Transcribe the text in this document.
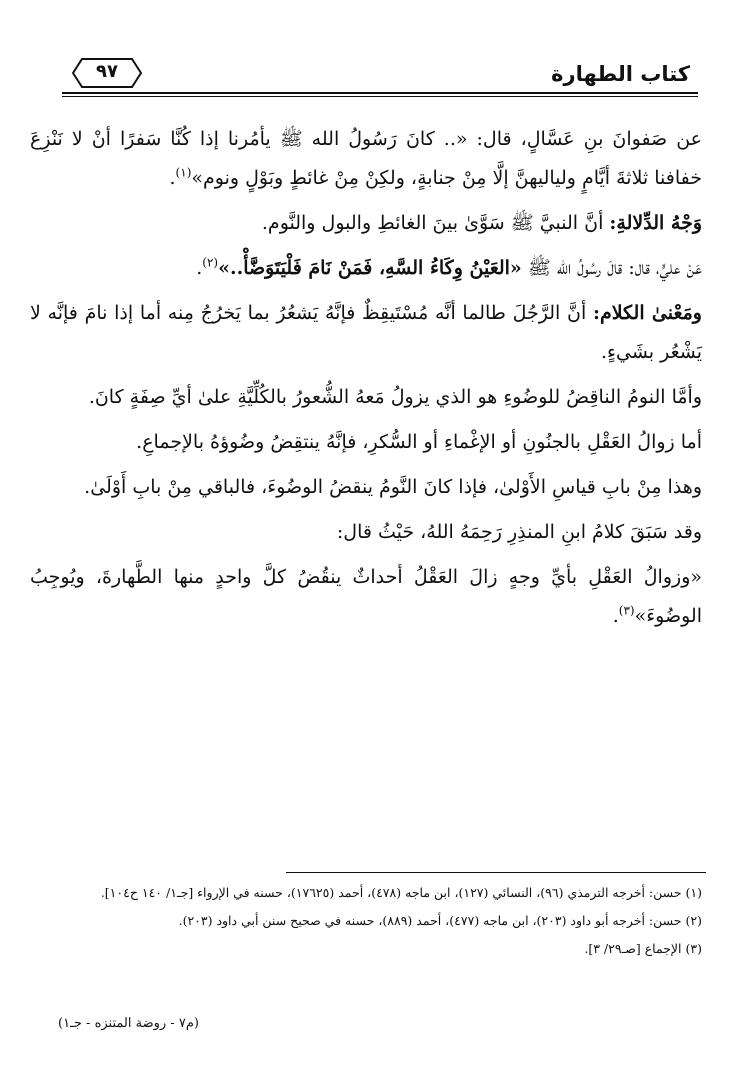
كتاب الطهارة
٩٧

عن صَفوانَ بنِ عَسَّالٍ، قال: «.. كانَ رَسُولُ الله ﷺ يأمُرنا إذا كُنَّا سَفرًا أنْ لا نَنْزِعَ خفافنا ثلاثةَ أيَّامٍ ولياليهنَّ إلَّا مِنْ جنابةٍ، ولكِنْ مِنْ غائطٍ وبَوْلٍ ونوم»$^{(١)}$.

وَجْهُ الدِّلالةِ: أنَّ النبيَّ ﷺ سَوَّىٰ بينَ الغائطِ والبول والنَّوم.

عَنْ عليٍّ، قال: قالَ رسُولُ الله ﷺ «العَيْنُ وِكَاءُ السَّهِ، فَمَنْ نَامَ فَلْيَتَوَضَّأْ..»$^{(٢)}$.

ومَعْنىٰ الكلام: أنَّ الرَّجُلَ طالما أنَّه مُسْتَيقِظٌ فإنَّهُ يَشعُرُ بما يَخرُجُ مِنه أما إذا نامَ فإنَّه لا يَشْعُر بشَيءٍ.

وأمَّا النومُ الناقِضُ للوضُوءِ هو الذي يزولُ مَعهُ الشُّعورُ بالكُلِّيَّةِ علىٰ أيِّ صِفَةٍ كانَ.

أما زوالُ العَقْلِ بالجنُونِ أو الإغْماءِ أو السُّكرِ، فإنَّهُ ينتقِضُ وضُوؤهُ بالإجماعِ.

وهذا مِنْ بابِ قياسِ الأَوْلىٰ، فإذا كانَ النَّومُ ينقضُ الوضُوءَ، فالباقي مِنْ بابِ أَوْلَىٰ.

وقد سَبَقَ كلامُ ابنِ المنذِرِ رَحِمَهُ اللهُ، حَيْثُ قال:

«وزوالُ العَقْلِ بأيِّ وجهٍ زالَ العَقْلُ أحداثٌ ينقُضُ كلَّ واحدٍ منها الطَّهارةَ، ويُوجِبُ الوضُوءَ»$^{(٣)}$.

(١) حسن: أخرجه الترمذي (٩٦)، النسائي (١٢٧)، ابن ماجه (٤٧٨)، أحمد (١٧٦٢٥)، حسنه في الإرواء [جـ١/ ١٤٠ ح١٠٤].

(٢) حسن: أخرجه أبو داود (٢٠٣)، ابن ماجه (٤٧٧)، أحمد (٨٨٩)، حسنه في صحيح سنن أبي داود (٢٠٣).

(٣) الإجماع [صـ٢٩/ ٣].

(م٧ - روضة المتنزه - جـ١)
